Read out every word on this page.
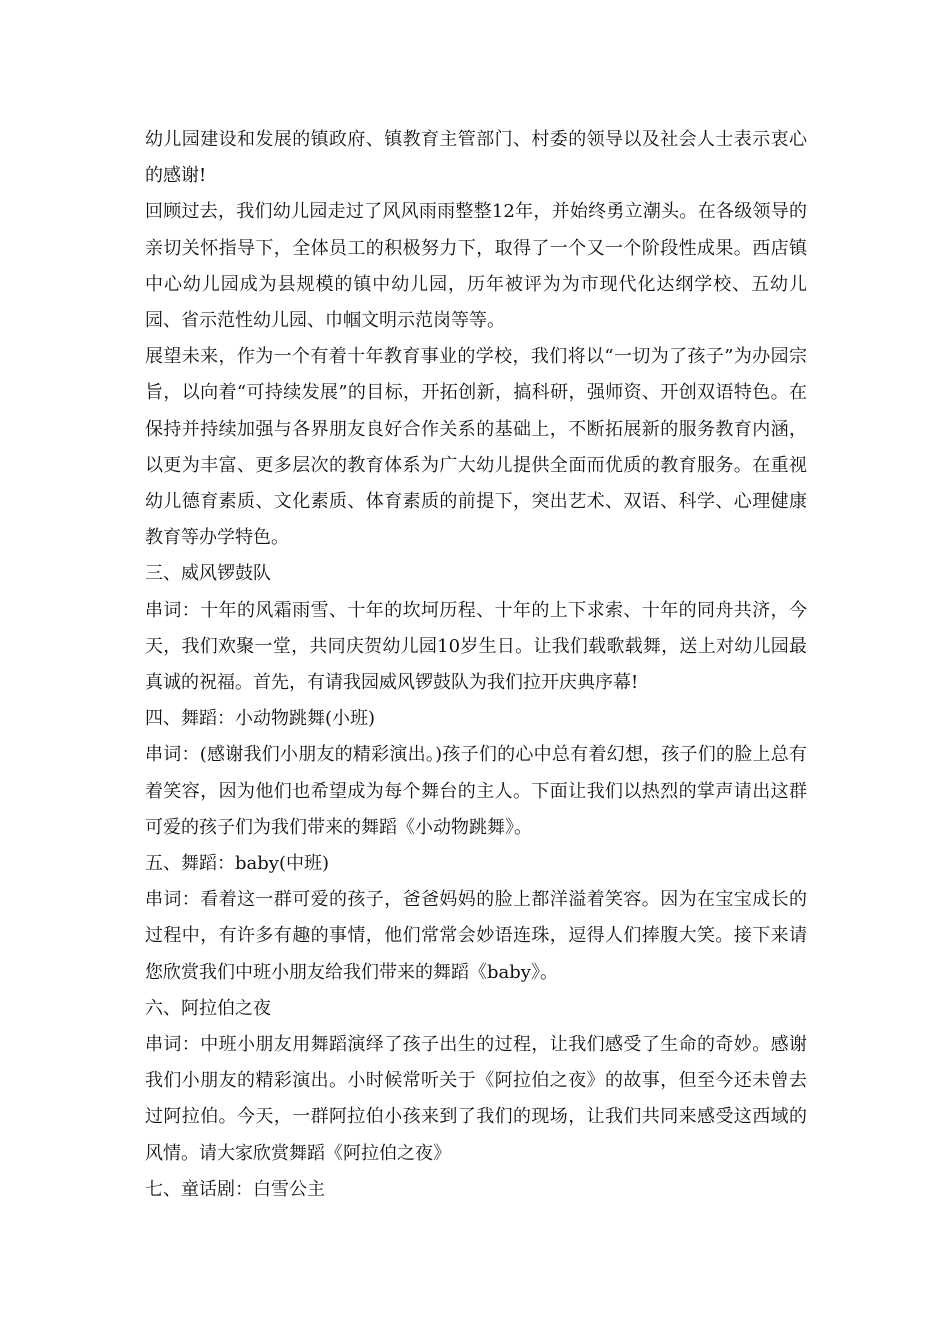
幼儿园建设和发展的镇政府、镇教育主管部门、村委的领导以及社会人士表示衷心的感谢!

回顾过去，我们幼儿园走过了风风雨雨整整12年，并始终勇立潮头。在各级领导的亲切关怀指导下，全体员工的积极努力下，取得了一个又一个阶段性成果。西店镇中心幼儿园成为县规模的镇中幼儿园，历年被评为为市现代化达纲学校、五幼儿园、省示范性幼儿园、巾帼文明示范岗等等。

展望未来，作为一个有着十年教育事业的学校，我们将以“一切为了孩子”为办园宗旨，以向着“可持续发展”的目标，开拓创新，搞科研，强师资、开创双语特色。在保持并持续加强与各界朋友良好合作关系的基础上，不断拓展新的服务教育内涵，以更为丰富、更多层次的教育体系为广大幼儿提供全面而优质的教育服务。在重视幼儿德育素质、文化素质、体育素质的前提下，突出艺术、双语、科学、心理健康教育等办学特色。

三、威风锣鼓队

串词：十年的风霜雨雪、十年的坎坷历程、十年的上下求索、十年的同舟共济，今天，我们欢聚一堂，共同庆贺幼儿园10岁生日。让我们载歌载舞，送上对幼儿园最真诚的祝福。首先，有请我园威风锣鼓队为我们拉开庆典序幕!

四、舞蹈：小动物跳舞(小班)

串词：(感谢我们小朋友的精彩演出。)孩子们的心中总有着幻想，孩子们的脸上总有着笑容，因为他们也希望成为每个舞台的主人。下面让我们以热烈的掌声请出这群可爱的孩子们为我们带来的舞蹈《小动物跳舞》。

五、舞蹈：baby(中班)

串词：看着这一群可爱的孩子，爸爸妈妈的脸上都洋溢着笑容。因为在宝宝成长的过程中，有许多有趣的事情，他们常常会妙语连珠，逗得人们捧腹大笑。接下来请您欣赏我们中班小朋友给我们带来的舞蹈《baby》。

六、阿拉伯之夜

串词：中班小朋友用舞蹈演绎了孩子出生的过程，让我们感受了生命的奇妙。感谢我们小朋友的精彩演出。小时候常听关于《阿拉伯之夜》的故事，但至今还未曾去过阿拉伯。今天，一群阿拉伯小孩来到了我们的现场，让我们共同来感受这西域的风情。请大家欣赏舞蹈《阿拉伯之夜》

七、童话剧：白雪公主
